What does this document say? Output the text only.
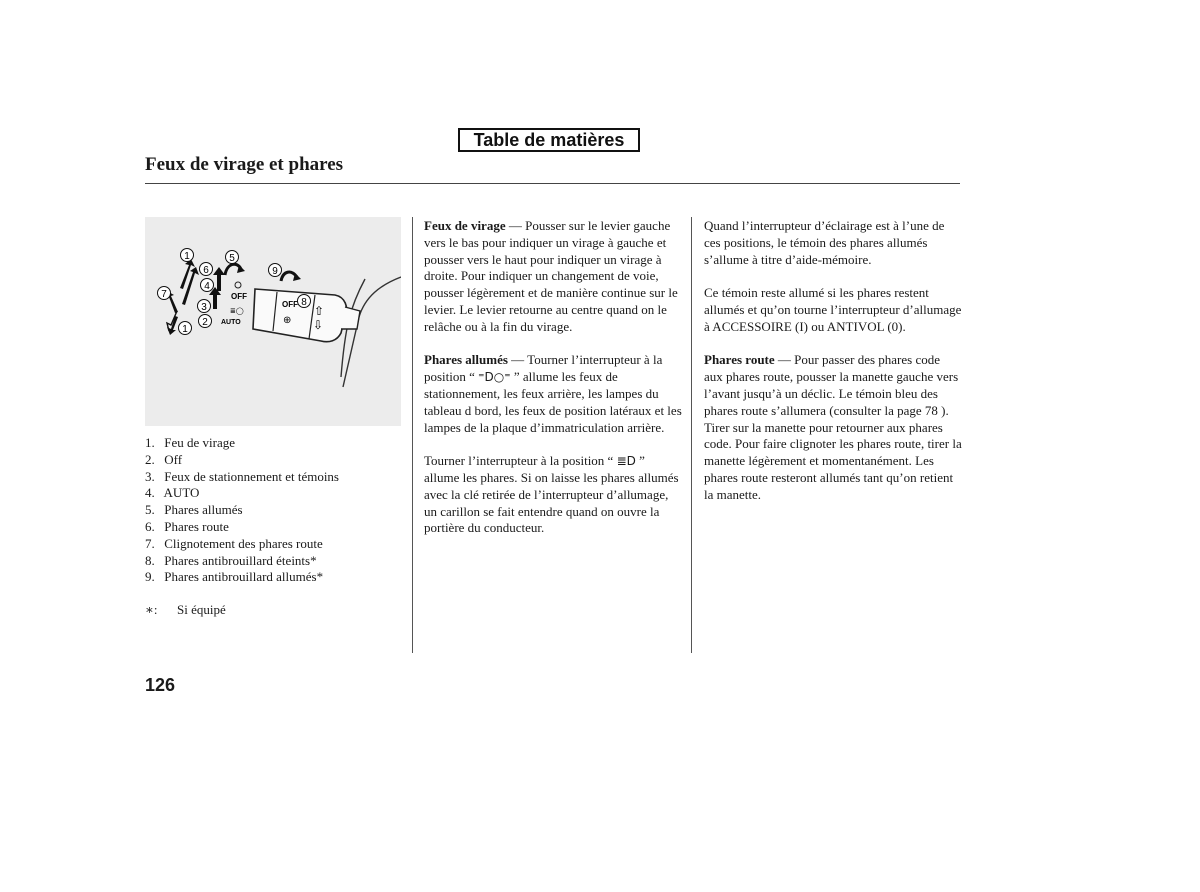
Table de matières
Feux de virage et phares
OFF
AUTO
OFF
≣◯
⊕
⇧
⇩
1	5
6	9
4
7
8
3
2
1
1. Feu de virage
2. Off
3. Feux de stationnement et témoins
4. AUTO
5. Phares allumés
6. Phares route
7. Clignotement des phares route
8. Phares antibrouillard éteints*
9. Phares antibrouillard allumés*
∗: Si équipé

Feux de virage — Pousser sur le levier gauche vers le bas pour indiquer un virage à gauche et pousser vers le haut pour indiquer un virage à droite. Pour indiquer un changement de voie, pousser légèrement et de manière continue sur le levier. Le levier retourne au centre quand on le relâche ou à la fin du virage.

Phares allumés — Tourner l’interrupteur à la position “ ⁼D○⁼ ” allume les feux de stationnement, les feux arrière, les lampes du tableau d bord, les feux de position latéraux et les lampes de la plaque d’immatriculation arrière.

Tourner l’interrupteur à la position “ ≣D ” allume les phares. Si on laisse les phares allumés avec la clé retirée de l’interrupteur d’allumage, un carillon se fait entendre quand on ouvre la portière du conducteur.

Quand l’interrupteur d’éclairage est à l’une de ces positions, le témoin des phares allumés s’allume à titre d’aide-mémoire.

Ce témoin reste allumé si les phares restent allumés et qu’on tourne l’interrupteur d’allumage à ACCESSOIRE (I) ou ANTIVOL (0).

Phares route — Pour passer des phares code aux phares route, pousser la manette gauche vers l’avant jusqu’à un déclic. Le témoin bleu des phares route s’allumera (consulter la page 78 ). Tirer sur la manette pour retourner aux phares code. Pour faire clignoter les phares route, tirer la manette légèrement et momentanément. Les phares route resteront allumés tant qu’on retient la manette.

126
